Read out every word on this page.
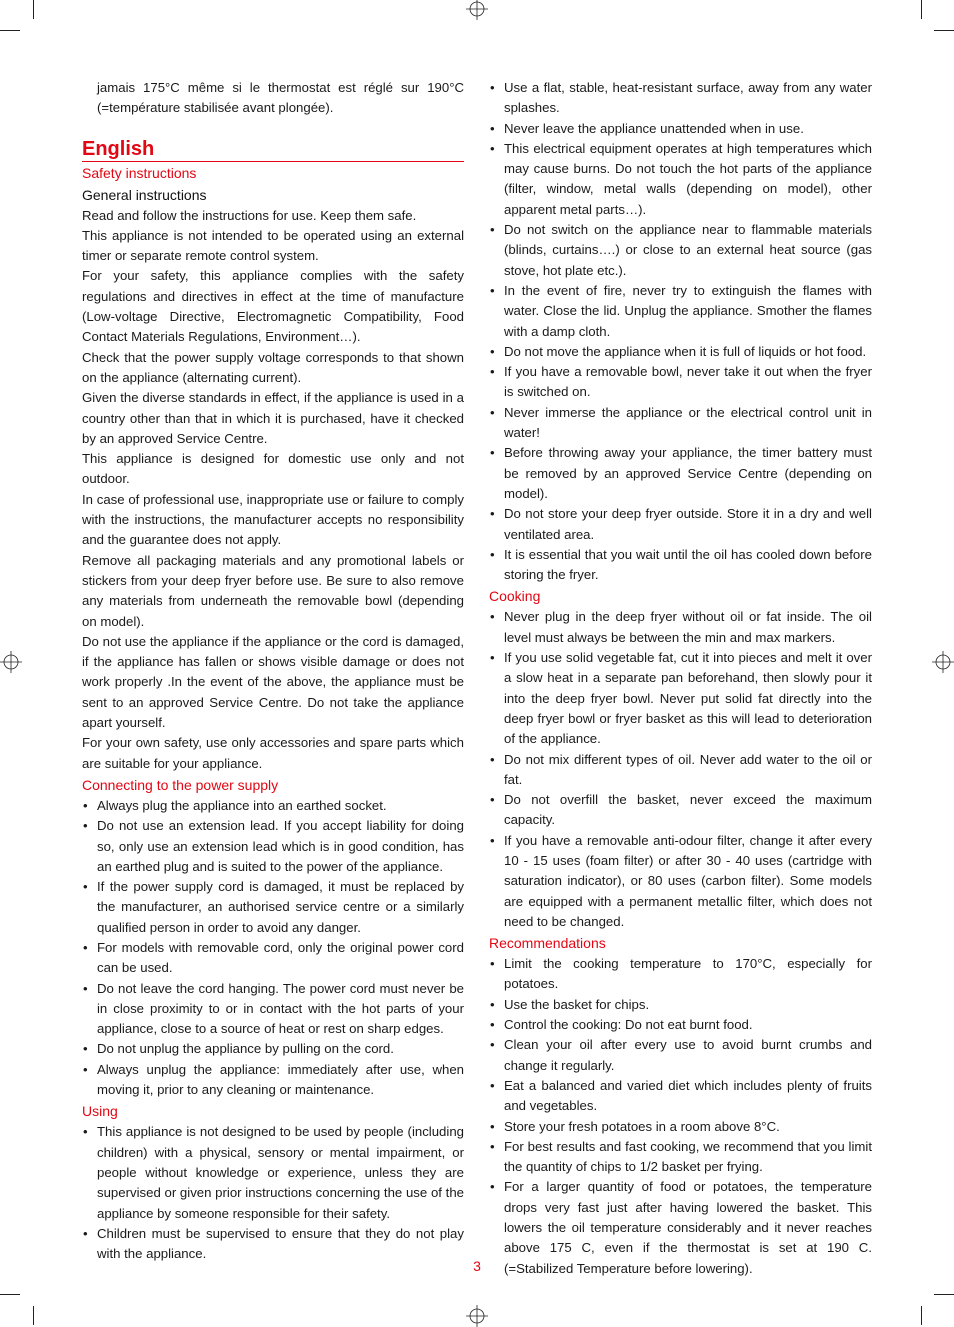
jamais 175°C même si le thermostat est réglé sur 190°C (=température stabilisée avant plongée).

English
Safety instructions
General instructions

Read and follow the instructions for use. Keep them safe.

This appliance is not intended to be operated using an external timer or separate remote control system.

For your safety, this appliance complies with the safety regulations and directives in effect at the time of manufacture (Low-voltage Directive, Electromagnetic Compatibility, Food Contact Materials Regulations, Environment…).

Check that the power supply voltage corresponds to that shown on the appliance (alternating current).

Given the diverse standards in effect, if the appliance is used in a country other than that in which it is purchased, have it checked by an approved Service Centre.

This appliance is designed for domestic use only and not outdoor.

In case of professional use, inappropriate use or failure to comply with the instructions, the manufacturer accepts no responsibility and the guarantee does not apply.

Remove all packaging materials and any promotional labels or stickers from your deep fryer before use. Be sure to also remove any materials from underneath the removable bowl (depending on model).

Do not use the appliance if the appliance or the cord is damaged, if the appliance has fallen or shows visible damage or does not work properly .In the event of the above, the appliance must be sent to an approved Service Centre. Do not take the appliance apart yourself.

For your own safety, use only accessories and spare parts which are suitable for your appliance.

Connecting to the power supply
• Always plug the appliance into an earthed socket.
• Do not use an extension lead. If you accept liability for doing so, only use an extension lead which is in good condition, has an earthed plug and is suited to the power of the appliance.
• If the power supply cord is damaged, it must be replaced by the manufacturer, an authorised service centre or a similarly qualified person in order to avoid any danger.
• For models with removable cord, only the original power cord can be used.
• Do not leave the cord hanging. The power cord must never be in close proximity to or in contact with the hot parts of your appliance, close to a source of heat or rest on sharp edges.
• Do not unplug the appliance by pulling on the cord.
• Always unplug the appliance: immediately after use, when moving it, prior to any cleaning or maintenance.
Using
• This appliance is not designed to be used by people (including children) with a physical, sensory or mental impairment, or people without knowledge or experience, unless they are supervised or given prior instructions concerning the use of the appliance by someone responsible for their safety.
• Children must be supervised to ensure that they do not play with the appliance.
• Use a flat, stable, heat-resistant surface, away from any water splashes.
• Never leave the appliance unattended when in use.
• This electrical equipment operates at high temperatures which may cause burns. Do not touch the hot parts of the appliance (filter, window, metal walls (depending on model), other apparent metal parts…).
• Do not switch on the appliance near to flammable materials (blinds, curtains….) or close to an external heat source (gas stove, hot plate etc.).
• In the event of fire, never try to extinguish the flames with water. Close the lid. Unplug the appliance. Smother the flames with a damp cloth.
• Do not move the appliance when it is full of liquids or hot food.
• If you have a removable bowl, never take it out when the fryer is switched on.
• Never immerse the appliance or the electrical control unit in water!
• Before throwing away your appliance, the timer battery must be removed by an approved Service Centre (depending on model).
• Do not store your deep fryer outside. Store it in a dry and well ventilated area.
• It is essential that you wait until the oil has cooled down before storing the fryer.
Cooking
• Never plug in the deep fryer without oil or fat inside. The oil level must always be between the min and max markers.
• If you use solid vegetable fat, cut it into pieces and melt it over a slow heat in a separate pan beforehand, then slowly pour it into the deep fryer bowl. Never put solid fat directly into the deep fryer bowl or fryer basket as this will lead to deterioration of the appliance.
• Do not mix different types of oil. Never add water to the oil or fat.
• Do not overfill the basket, never exceed the maximum capacity.
• If you have a removable anti-odour filter, change it after every 10 - 15 uses (foam filter) or after 30 - 40 uses (cartridge with saturation indicator), or 80 uses (carbon filter). Some models are equipped with a permanent metallic filter, which does not need to be changed.
Recommendations
• Limit the cooking temperature to 170°C, especially for potatoes.
• Use the basket for chips.
• Control the cooking: Do not eat burnt food.
• Clean your oil after every use to avoid burnt crumbs and change it regularly.
• Eat a balanced and varied diet which includes plenty of fruits and vegetables.
• Store your fresh potatoes in a room above 8°C.
• For best results and fast cooking, we recommend that you limit the quantity of chips to 1/2 basket per frying.
• For a larger quantity of food or potatoes, the temperature drops very fast just after having lowered the basket. This lowers the oil temperature considerably and it never reaches above 175 C, even if the thermostat is set at 190 C. (=Stabilized Temperature before lowering).
3
